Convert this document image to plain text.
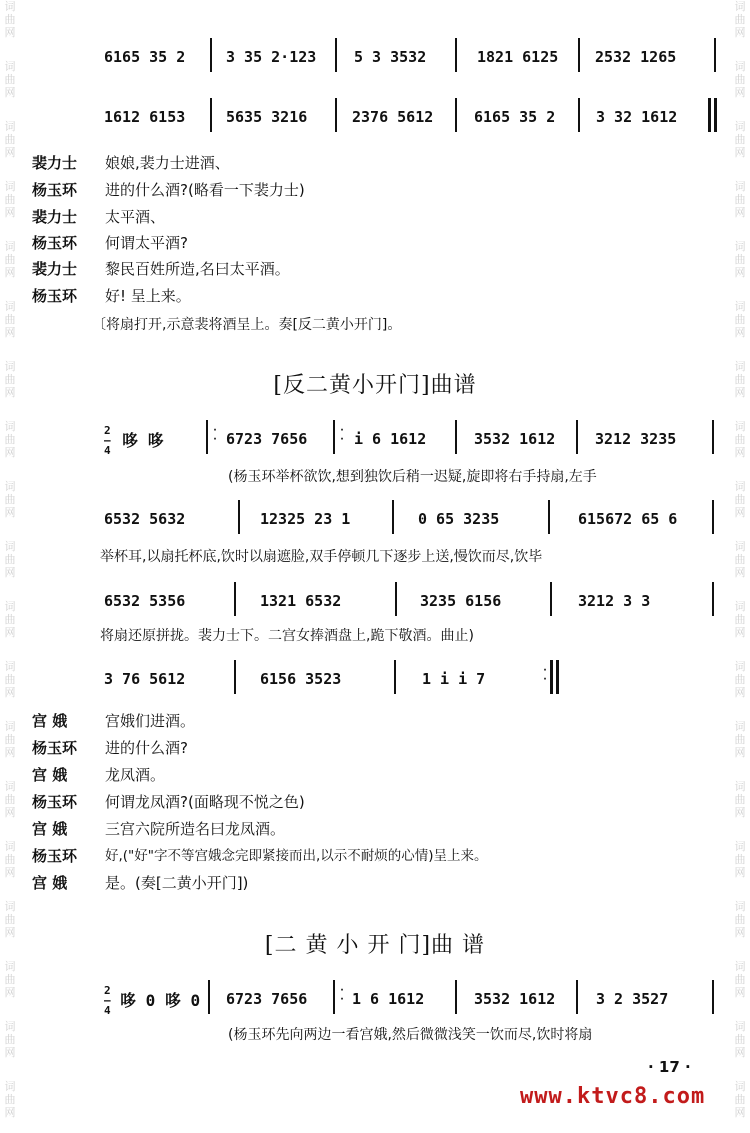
词
曲
网
词
曲
网
词
曲
网
词
曲
网
词
曲
网
词
曲
网
词
曲
网
词
曲
网
词
曲
网
词
曲
网
词
曲
网
词
曲
网
词
曲
网
词
曲
网
词
曲
网
词
曲
网
词
曲
网
词
曲
网
词
曲
网
词
曲
网
词
曲
网
词
曲
网
词
曲
网
词
曲
网
词
曲
网
词
曲
网
词
曲
网
词
曲
网
词
曲
网
词
曲
网
词
曲
网
词
曲
网
词
曲
网
词
曲
网
词
曲
网
词
曲
网
词
曲
网
词
曲
网
6165 35 2	3 35 2·123	5 3 3532	1821 6125 2532 1265
1612 6153	5635 3216	2376 5612	6165 35 2	3 32 1612
裴力士 娘娘,裴力士进酒、
杨玉环 进的什么酒?(略看一下裴力士)
裴力士 太平酒、
杨玉环 何谓太平酒?
裴力士 黎民百姓所造,名曰太平酒。
杨玉环 好! 呈上来。
〔将扇打开,示意裴将酒呈上。奏[反二黄小开门]。
[反二黄小开门]曲谱
2
—
4
哆 哆
·
· 6723 7656	·
· i 6 1612	3532 1612	3212 3235
(杨玉环举杯欲饮,想到独饮后稍一迟疑,旋即将右手持扇,左手
6532 5632	12325 23 1	0 65 3235	615672 65 6
举杯耳,以扇托杯底,饮时以扇遮脸,双手停顿几下逐步上送,慢饮而尽,饮毕
6532 5356	1321 6532	3235 6156	3212 3 3
将扇还原拼拢。裴力士下。二宫女捧酒盘上,跪下敬酒。曲止)
3 76 5612	6156 3523	1 i i 7	·
·
宫 娥	宫娥们进酒。
杨玉环 进的什么酒?
宫 娥	龙凤酒。
杨玉环 何谓龙凤酒?(面略现不悦之色)
宫 娥	三宫六院所造名曰龙凤酒。
杨玉环 好,("好"字不等宫娥念完即紧接而出,以示不耐烦的心情)呈上来。
宫 娥	是。(奏[二黄小开门])
[二 黄 小 开 门]曲 谱
2
—
4
哆 0 哆 0 6723 7656	·
· 1 6 1612	3532 1612	3 2 3527
(杨玉环先向两边一看宫娥,然后微微浅笑一饮而尽,饮时将扇
· 17 ·
www.ktvc8.com
